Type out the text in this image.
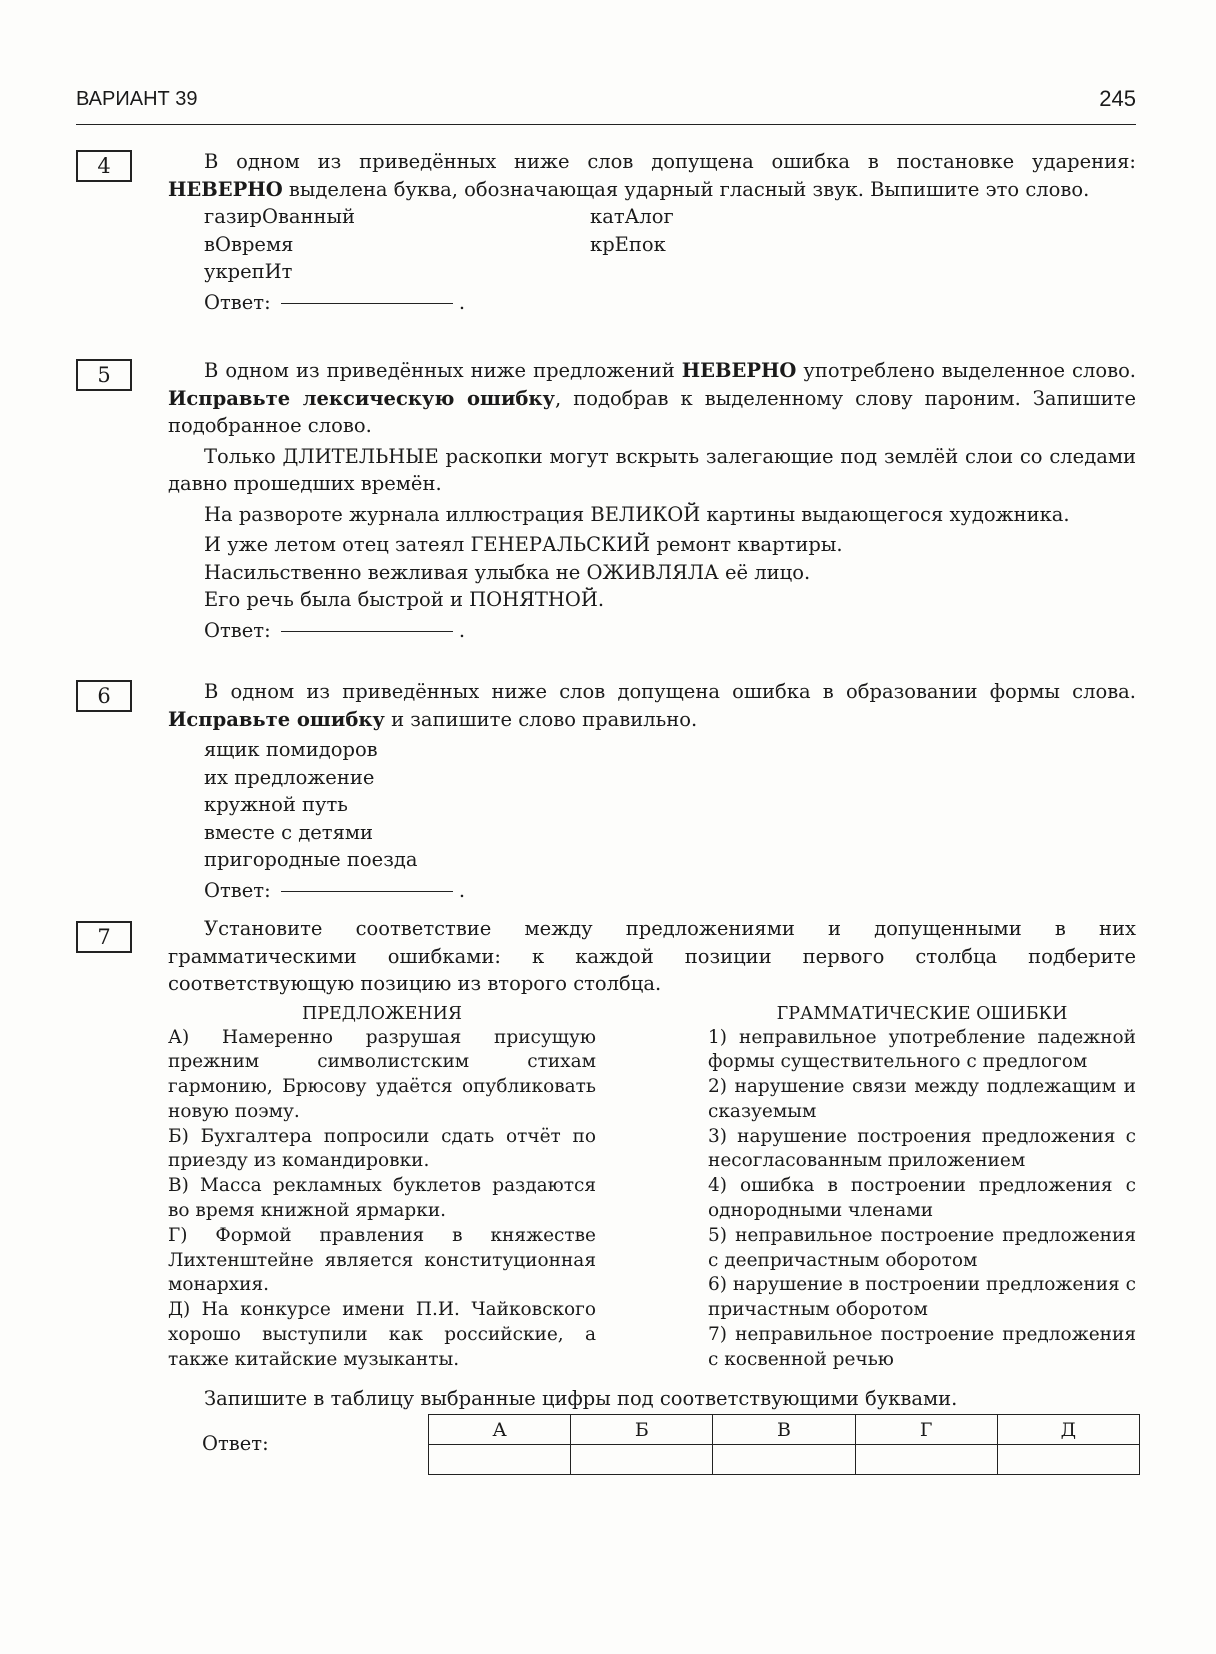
ВАРИАНТ 39	245
4	В одном из приведённых ниже слов допущена ошибка в постановке ударения: НЕВЕРНО выделена буква, обозначающая ударный гласный звук. Выпишите это слово.

газирОванный
вОвремя
укрепИт
катАлог
крЕпок
Ответ:	.
5	В одном из приведённых ниже предложений НЕВЕРНО употреблено выделенное слово. Исправьте лексическую ошибку, подобрав к выделенному слову пароним. Запишите подобранное слово.

Только ДЛИТЕЛЬНЫЕ раскопки могут вскрыть залегающие под землёй слои со следами давно прошедших времён.

На развороте журнала иллюстрация ВЕЛИКОЙ картины выдающегося художника.

И уже летом отец затеял ГЕНЕРАЛЬСКИЙ ремонт квартиры.

Насильственно вежливая улыбка не ОЖИВЛЯЛА её лицо.

Его речь была быстрой и ПОНЯТНОЙ.

Ответ:	.
6	В одном из приведённых ниже слов допущена ошибка в образовании формы слова. Исправьте ошибку и запишите слово правильно.

ящик помидоров
их предложение
кружной путь
вместе с детями
пригородные поезда
Ответ:	.
7	Установите соответствие между предложениями и допущенными в них грамматическими ошибками: к каждой позиции первого столбца подберите соответствующую позицию из второго столбца.

ПРЕДЛОЖЕНИЯ
А) Намеренно разрушая присущую прежним символистским стихам гармонию, Брюсову удаётся опубликовать новую поэму.
Б) Бухгалтера попросили сдать отчёт по приезду из командировки.
В) Масса рекламных буклетов раздаются во время книжной ярмарки.
Г) Формой правления в княжестве Лихтенштейне является конституционная монархия.
Д) На конкурсе имени П.И. Чайковского хорошо выступили как российские, а также китайские музыканты.
ГРАММАТИЧЕСКИЕ ОШИБКИ
1) неправильное употребление падежной формы существительного с предлогом
2) нарушение связи между подлежащим и сказуемым
3) нарушение построения предложения с несогласованным приложением
4) ошибка в построении предложения с однородными членами
5) неправильное построение предложения с деепричастным оборотом
6) нарушение в построении предложения с причастным оборотом
7) неправильное построение предложения с косвенной речью

Запишите в таблицу выбранные цифры под соответствующими буквами.

Ответ:
А	Б	В	Г	Д
